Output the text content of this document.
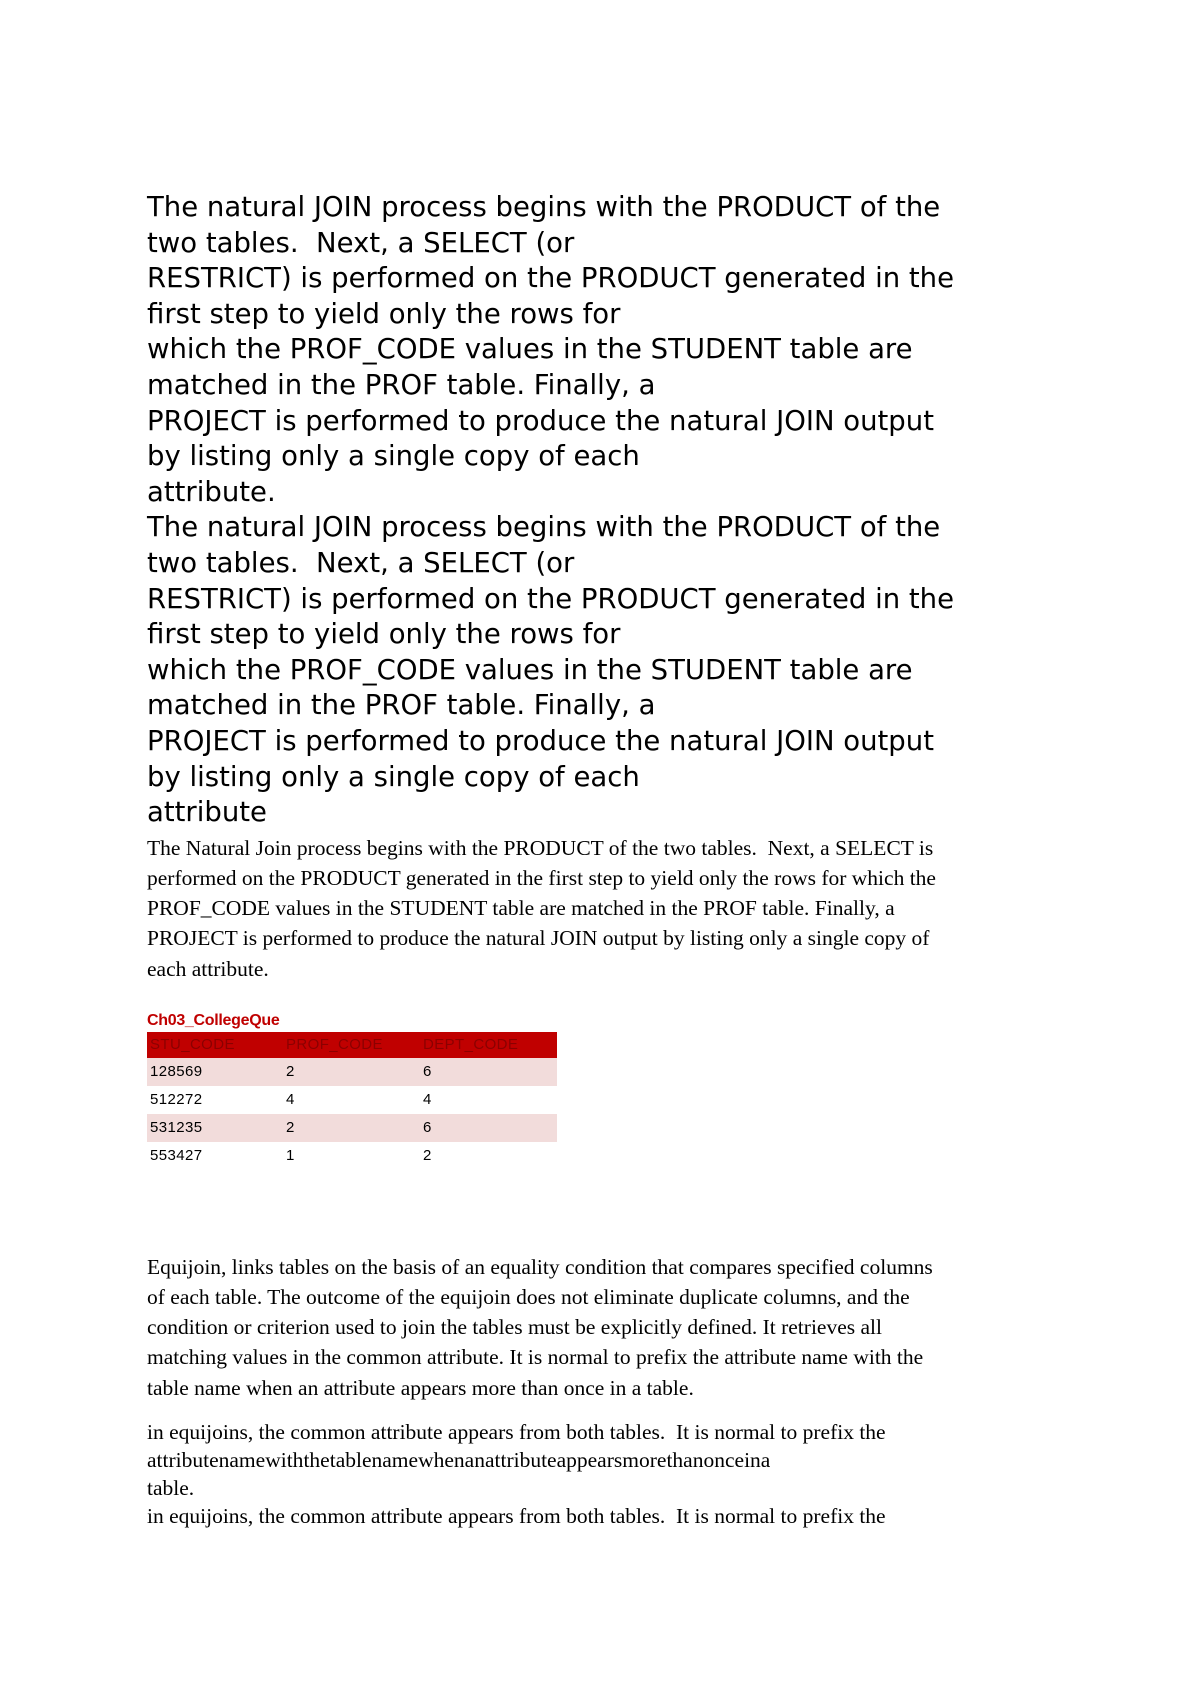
The natural JOIN process begins with the PRODUCT of the
two tables.  Next, a SELECT (or
RESTRICT) is performed on the PRODUCT generated in the
first step to yield only the rows for
which the PROF_CODE values in the STUDENT table are
matched in the PROF table. Finally, a
PROJECT is performed to produce the natural JOIN output
by listing only a single copy of each
attribute.
The natural JOIN process begins with the PRODUCT of the
two tables.  Next, a SELECT (or
RESTRICT) is performed on the PRODUCT generated in the
first step to yield only the rows for
which the PROF_CODE values in the STUDENT table are
matched in the PROF table. Finally, a
PROJECT is performed to produce the natural JOIN output
by listing only a single copy of each
attribute
The Natural Join process begins with the PRODUCT of the two tables.  Next, a SELECT is
performed on the PRODUCT generated in the first step to yield only the rows for which the
PROF_CODE values in the STUDENT table are matched in the PROF table. Finally, a
PROJECT is performed to produce the natural JOIN output by listing only a single copy of
each attribute.
Ch03_CollegeQue
STU_CODE	PROF_CODE	DEPT_CODE
128569	2	6
512272	4	4
531235	2	6
553427	1	2
Equijoin, links tables on the basis of an equality condition that compares specified columns
of each table. The outcome of the equijoin does not eliminate duplicate columns, and the
condition or criterion used to join the tables must be explicitly defined. It retrieves all
matching values in the common attribute. It is normal to prefix the attribute name with the
table name when an attribute appears more than once in a table.
in equijoins, the common attribute appears from both tables.  It is normal to prefix the
attributenamewiththetablenamewhenanattributeappearsmorethanonceina
table.
in equijoins, the common attribute appears from both tables.  It is normal to prefix the
